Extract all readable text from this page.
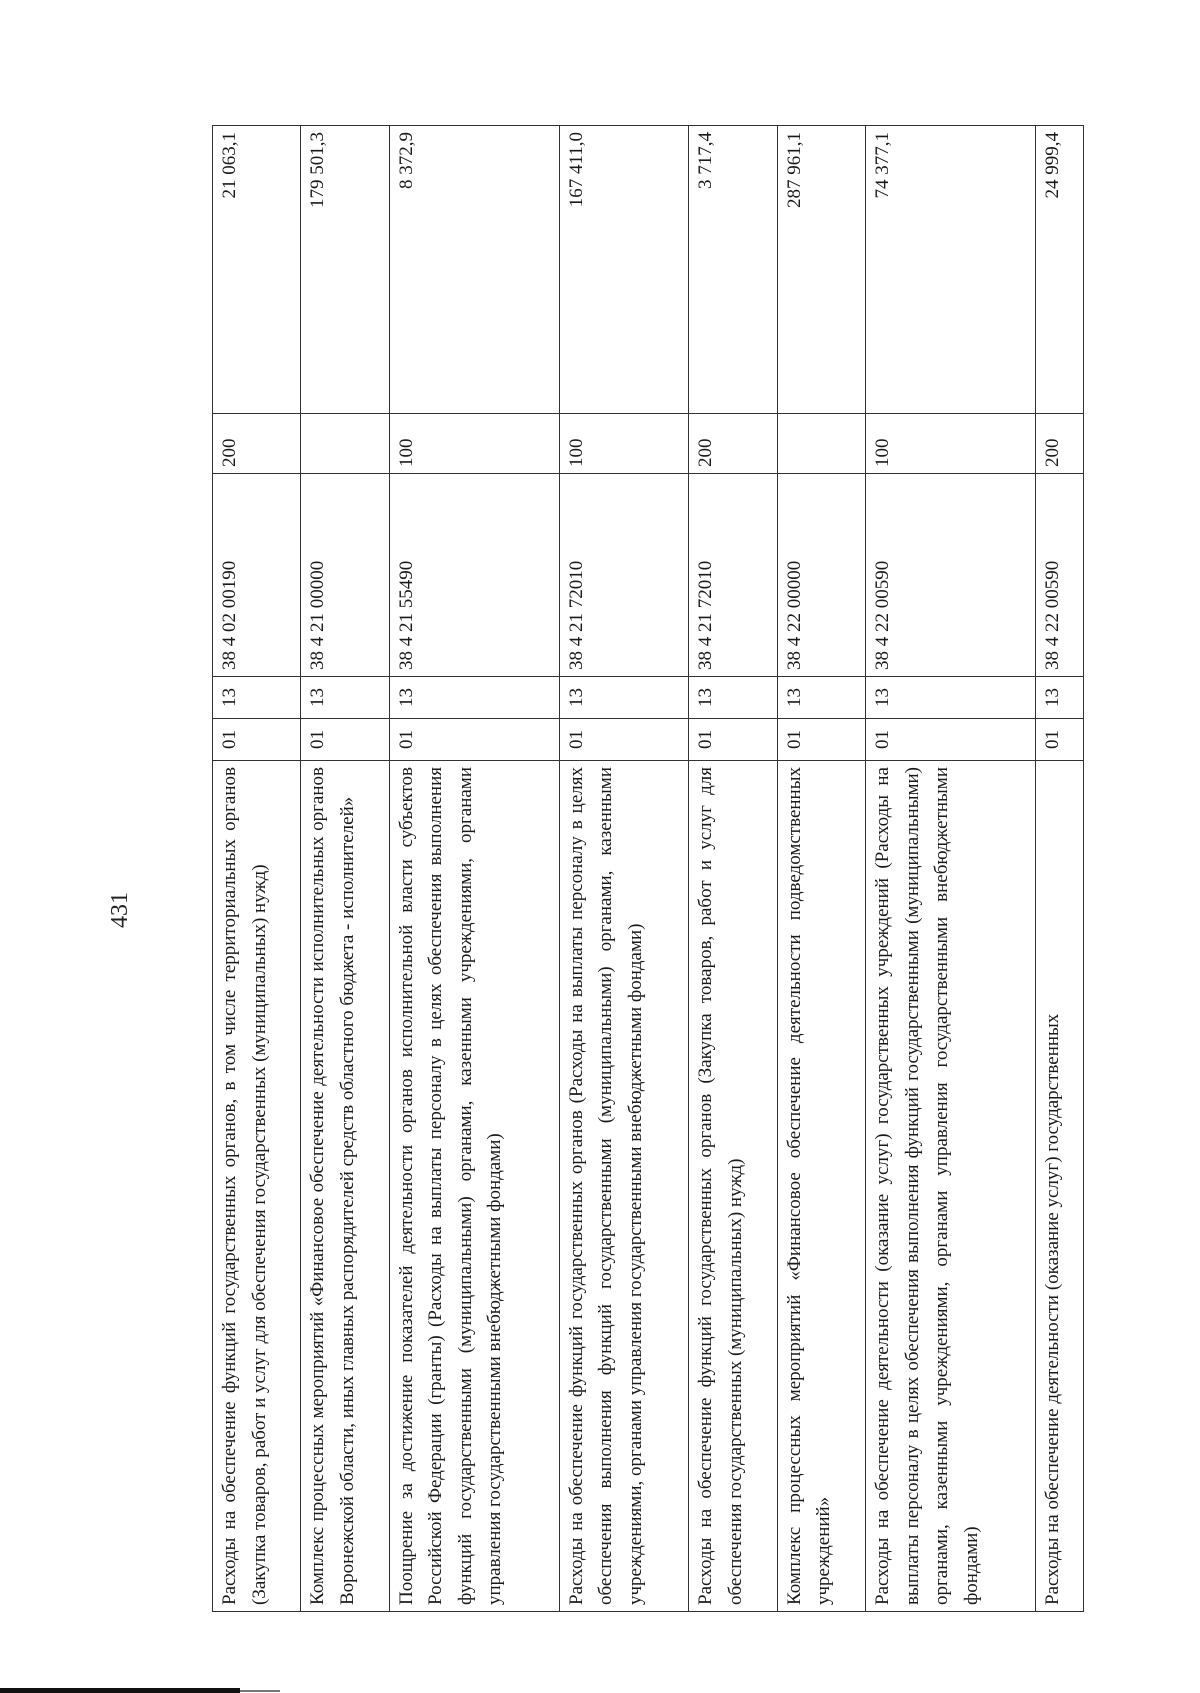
431	Расходы на обеспечение функций государственных органов, в том числе территориальных органов (Закупка товаров, работ и услуг для обеспечения государственных (муниципальных) нужд)	01	13	38 4 02 00190	200	21 063,1
Комплекс процессных мероприятий «Финансовое обеспечение деятельности исполнительных органов Воронежской области, иных главных распорядителей средств областного бюджета - исполнителей»	01	13	38 4 21 00000		179 501,3
Поощрение за достижение показателей деятельности органов исполнительной власти субъектов Российской Федерации (гранты) (Расходы на выплаты персоналу в целях обеспечения выполнения функций государственными (муниципальными) органами, казенными учреждениями, органами управления государственными внебюджетными фондами)	01	13	38 4 21 55490	100	8 372,9
Расходы на обеспечение функций государственных органов (Расходы на выплаты персоналу в целях обеспечения выполнения функций государственными (муниципальными) органами, казенными учреждениями, органами управления государственными внебюджетными фондами)	01	13	38 4 21 72010	100	167 411,0
Расходы на обеспечение функций государственных органов (Закупка товаров, работ и услуг для обеспечения государственных (муниципальных) нужд)	01	13	38 4 21 72010	200	3 717,4
Комплекс процессных мероприятий «Финансовое обеспечение деятельности подведомственных учреждений»	01	13	38 4 22 00000		287 961,1
Расходы на обеспечение деятельности (оказание услуг) государственных учреждений (Расходы на выплаты персоналу в целях обеспечения выполнения функций государственными (муниципальными) органами, казенными учреждениями, органами управления государственными внебюджетными фондами)	01	13	38 4 22 00590	100	74 377,1
Расходы на обеспечение деятельности (оказание услуг) государственных	01	13	38 4 22 00590	200	24 999,4
